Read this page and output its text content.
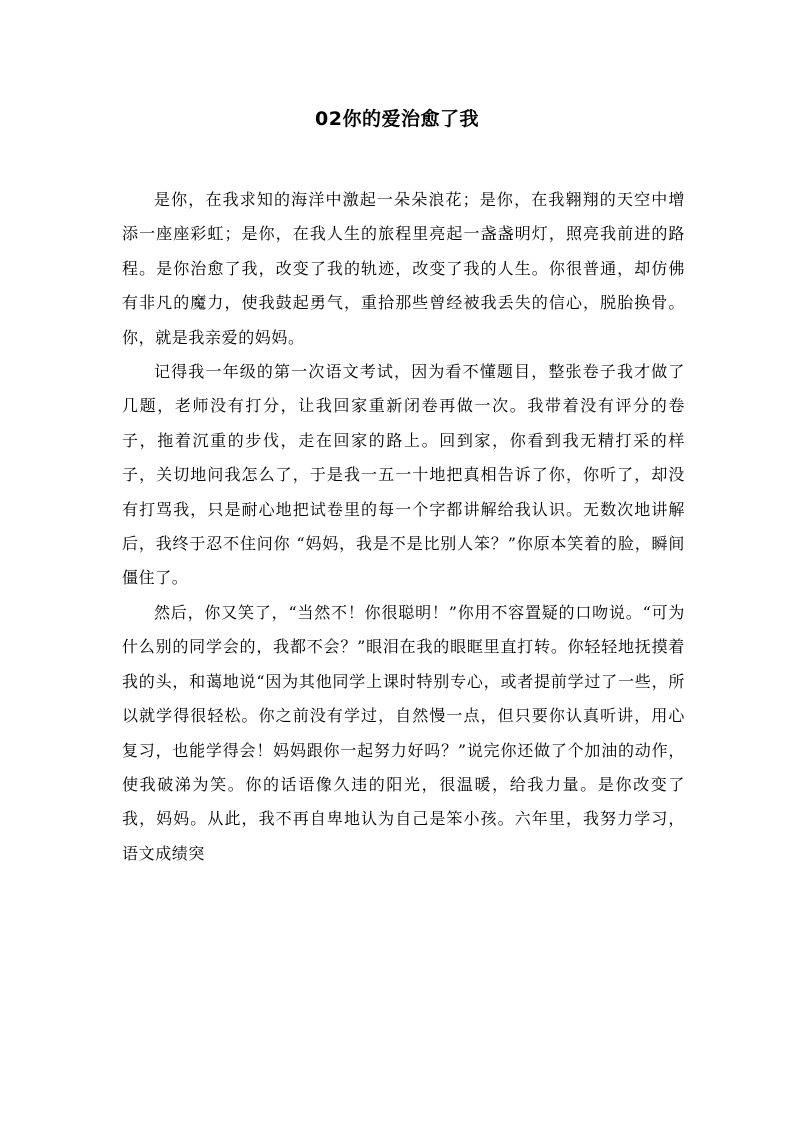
02你的爱治愈了我

是你，在我求知的海洋中激起一朵朵浪花；是你，在我翱翔的天空中增添一座座彩虹；是你，在我人生的旅程里亮起一盏盏明灯，照亮我前进的路程。是你治愈了我，改变了我的轨迹，改变了我的人生。你很普通，却仿佛有非凡的魔力，使我鼓起勇气，重拾那些曾经被我丢失的信心，脱胎换骨。你，就是我亲爱的妈妈。

记得我一年级的第一次语文考试，因为看不懂题目，整张卷子我才做了几题，老师没有打分，让我回家重新闭卷再做一次。我带着没有评分的卷子，拖着沉重的步伐，走在回家的路上。回到家，你看到我无精打采的样子，关切地问我怎么了，于是我一五一十地把真相告诉了你，你听了，却没有打骂我，只是耐心地把试卷里的每一个字都讲解给我认识。无数次地讲解后，我终于忍不住问你 “妈妈，我是不是比别人笨？”你原本笑着的脸，瞬间僵住了。

然后，你又笑了，“当然不！你很聪明！”你用不容置疑的口吻说。“可为什么别的同学会的，我都不会？”眼泪在我的眼眶里直打转。你轻轻地抚摸着我的头，和蔼地说“因为其他同学上课时特别专心，或者提前学过了一些，所以就学得很轻松。你之前没有学过，自然慢一点，但只要你认真听讲，用心复习，也能学得会！妈妈跟你一起努力好吗？”说完你还做了个加油的动作，使我破涕为笑。你的话语像久违的阳光，很温暖，给我力量。是你改变了我，妈妈。从此，我不再自卑地认为自己是笨小孩。六年里，我努力学习，语文成绩突
